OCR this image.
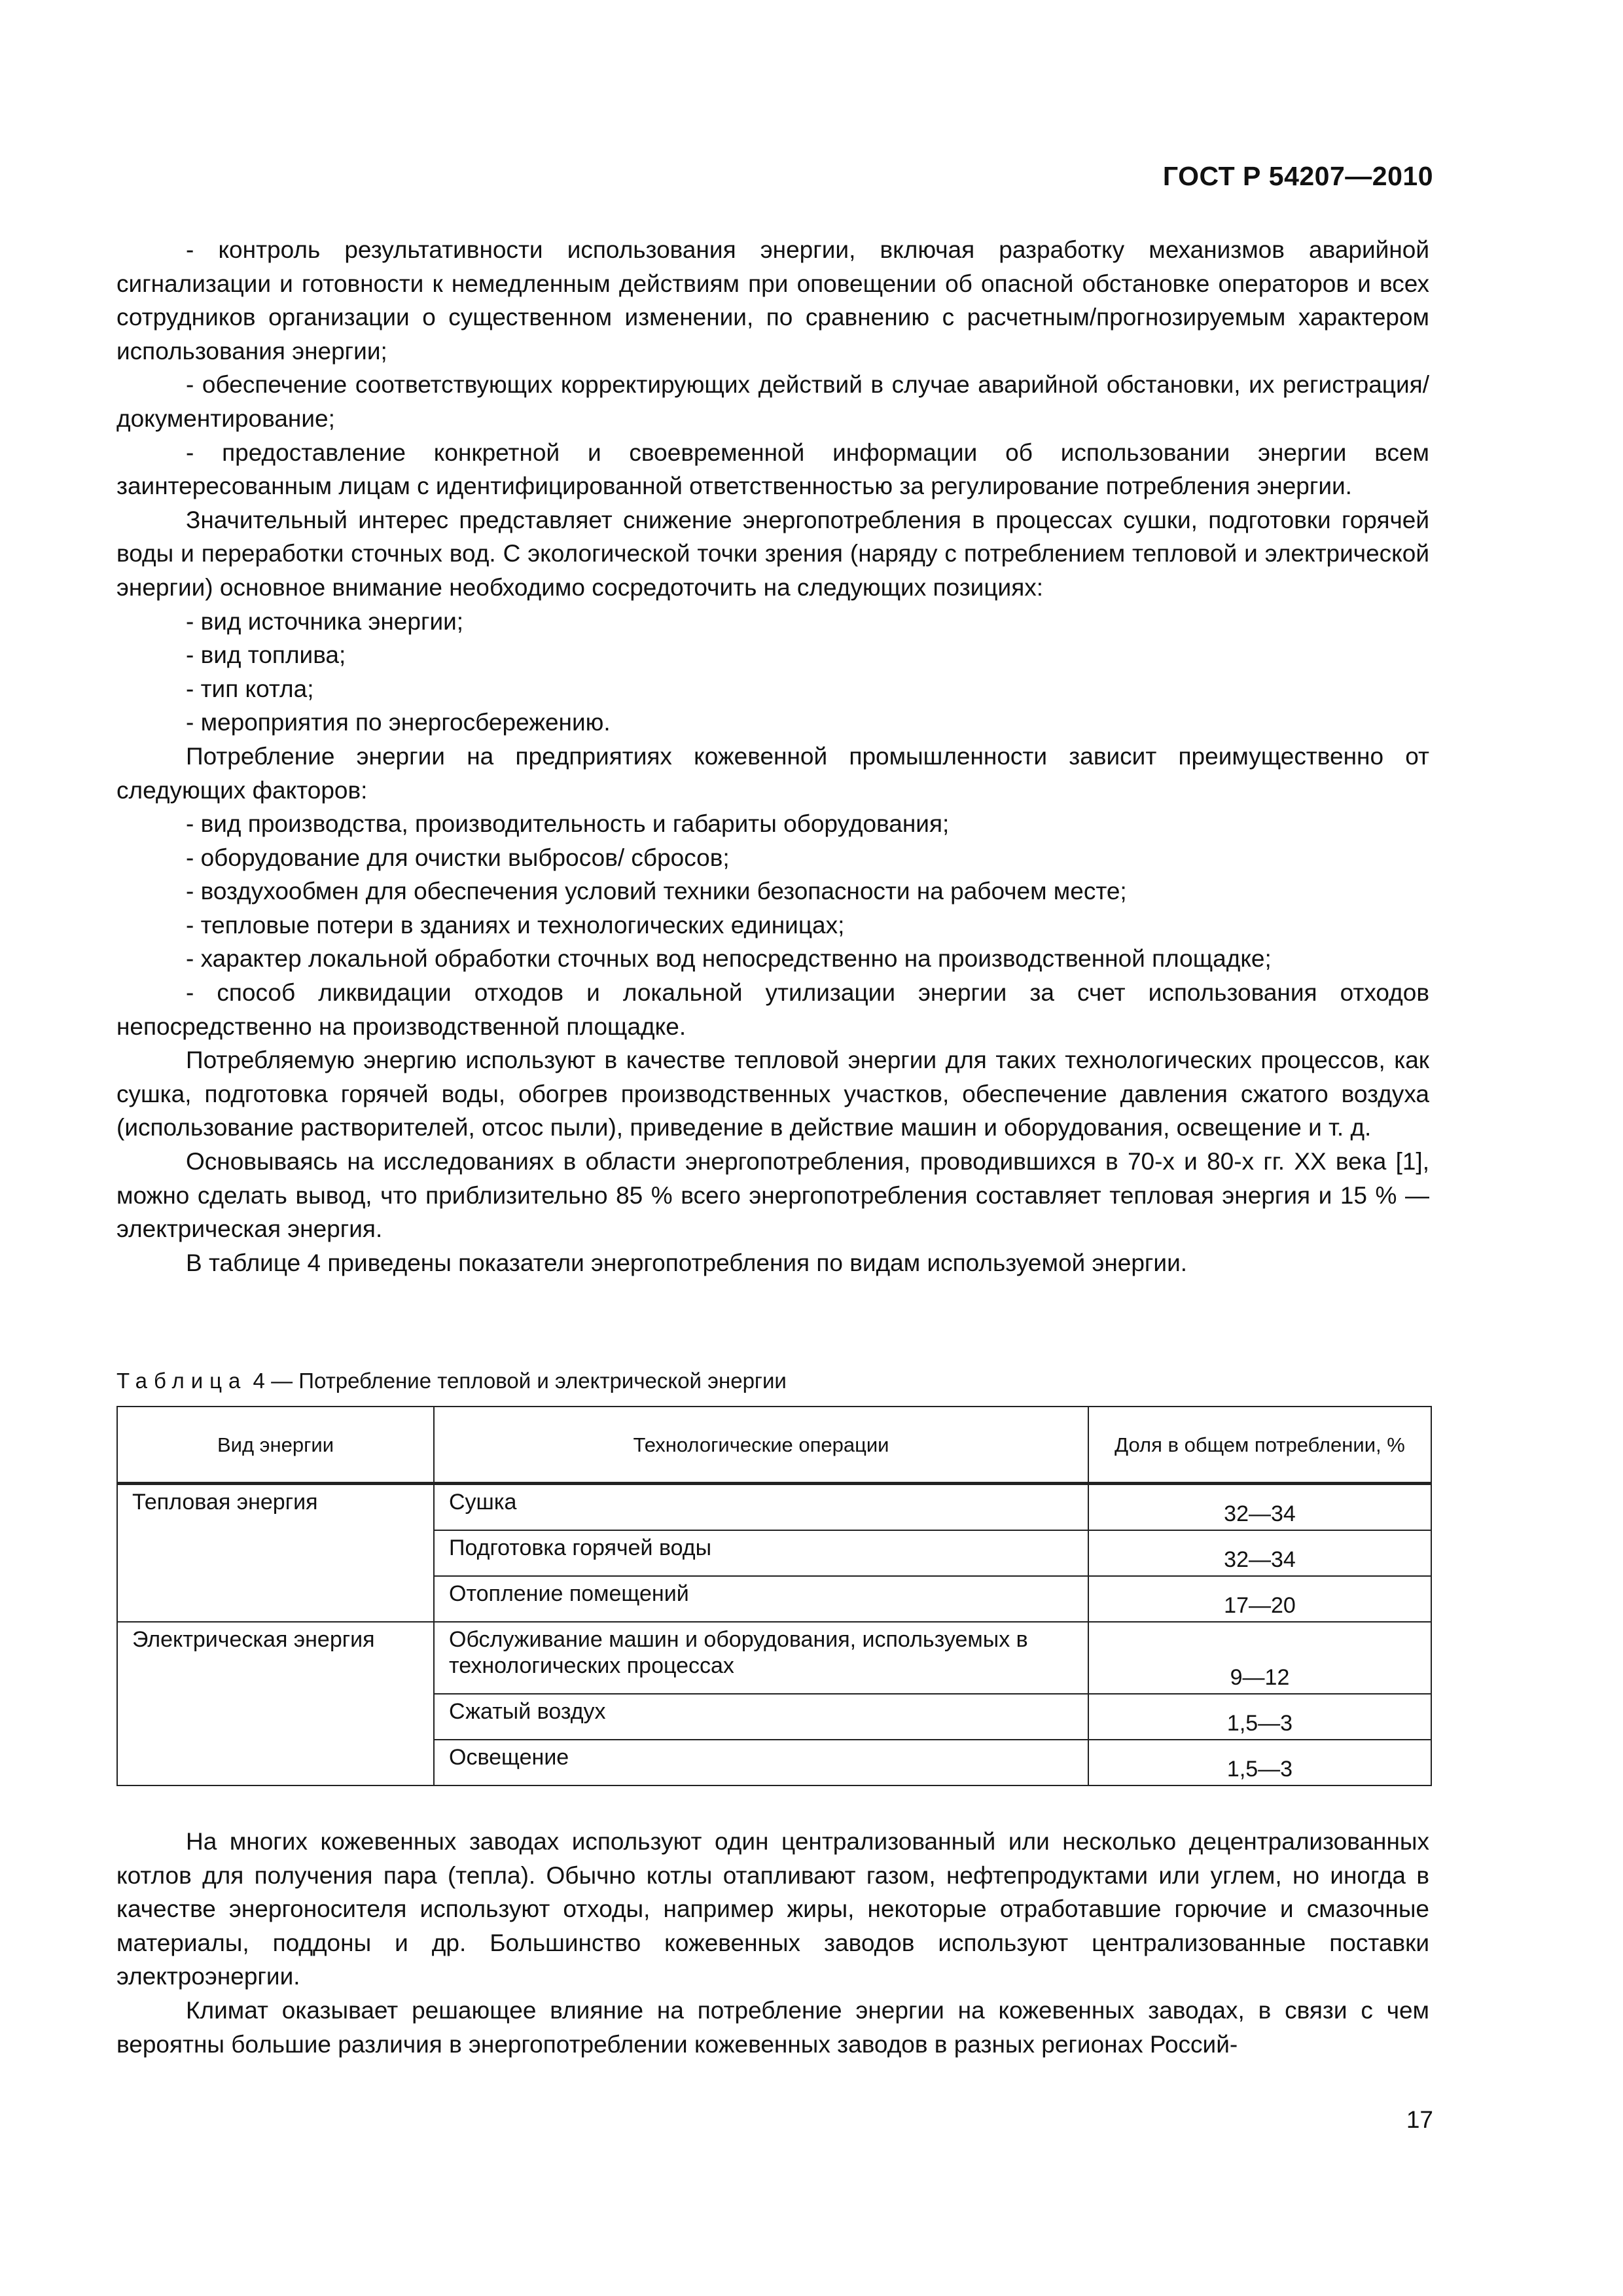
ГОСТ Р 54207—2010

- контроль результативности использования энергии, включая разработку механизмов аварийной сигнализации и готовности к немедленным действиям при оповещении об опасной обстановке операторов и всех сотрудников организации о существенном изменении, по сравнению с расчетным/прогнозируемым характером использования энергии;

- обеспечение соответствующих корректирующих действий в случае аварийной обстановки, их регистрация/документирование;

- предоставление конкретной и своевременной информации об использовании энергии всем заинтересованным лицам с идентифицированной ответственностью за регулирование потребления энергии.

Значительный интерес представляет снижение энергопотребления в процессах сушки, подготовки горячей воды и переработки сточных вод. С экологической точки зрения (наряду с потреблением тепловой и электрической энергии) основное внимание необходимо сосредоточить на следующих позициях:

- вид источника энергии;

- вид топлива;

- тип котла;

- мероприятия по энергосбережению.

Потребление энергии на предприятиях кожевенной промышленности зависит преимущественно от следующих факторов:

- вид производства, производительность и габариты оборудования;

- оборудование для очистки выбросов/ сбросов;

- воздухообмен для обеспечения условий техники безопасности на рабочем месте;

- тепловые потери в зданиях и технологических единицах;

- характер локальной обработки сточных вод непосредственно на производственной площадке;

- способ ликвидации отходов и локальной утилизации энергии за счет использования отходов непосредственно на производственной площадке.

Потребляемую энергию используют в качестве тепловой энергии для таких технологических процессов, как сушка, подготовка горячей воды, обогрев производственных участков, обеспечение давления сжатого воздуха (использование растворителей, отсос пыли), приведение в действие машин и оборудования, освещение и т. д.

Основываясь на исследованиях в области энергопотребления, проводившихся в 70-х и 80-х гг. XX века [1], можно сделать вывод, что приблизительно 85 % всего энергопотребления составляет тепловая энергия и 15 % — электрическая энергия.

В таблице 4 приведены показатели энергопотребления по видам используемой энергии.

Таблица 4 — Потребление тепловой и электрической энергии
Вид энергии	Технологические операции	Доля в общем потреблении, %
Тепловая энергия	Сушка	32—34
	Подготовка горячей воды	32—34
	Отопление помещений	17—20
Электрическая энергия	Обслуживание машин и оборудования, используемых в технологических процессах	9—12
	Сжатый воздух	1,5—3
	Освещение	1,5—3

На многих кожевенных заводах используют один централизованный или несколько децентрализованных котлов для получения пара (тепла). Обычно котлы отапливают газом, нефтепродуктами или углем, но иногда в качестве энергоносителя используют отходы, например жиры, некоторые отработавшие горючие и смазочные материалы, поддоны и др. Большинство кожевенных заводов используют централизованные поставки электроэнергии.

Климат оказывает решающее влияние на потребление энергии на кожевенных заводах, в связи с чем вероятны большие различия в энергопотреблении кожевенных заводов в разных регионах Россий-

17
